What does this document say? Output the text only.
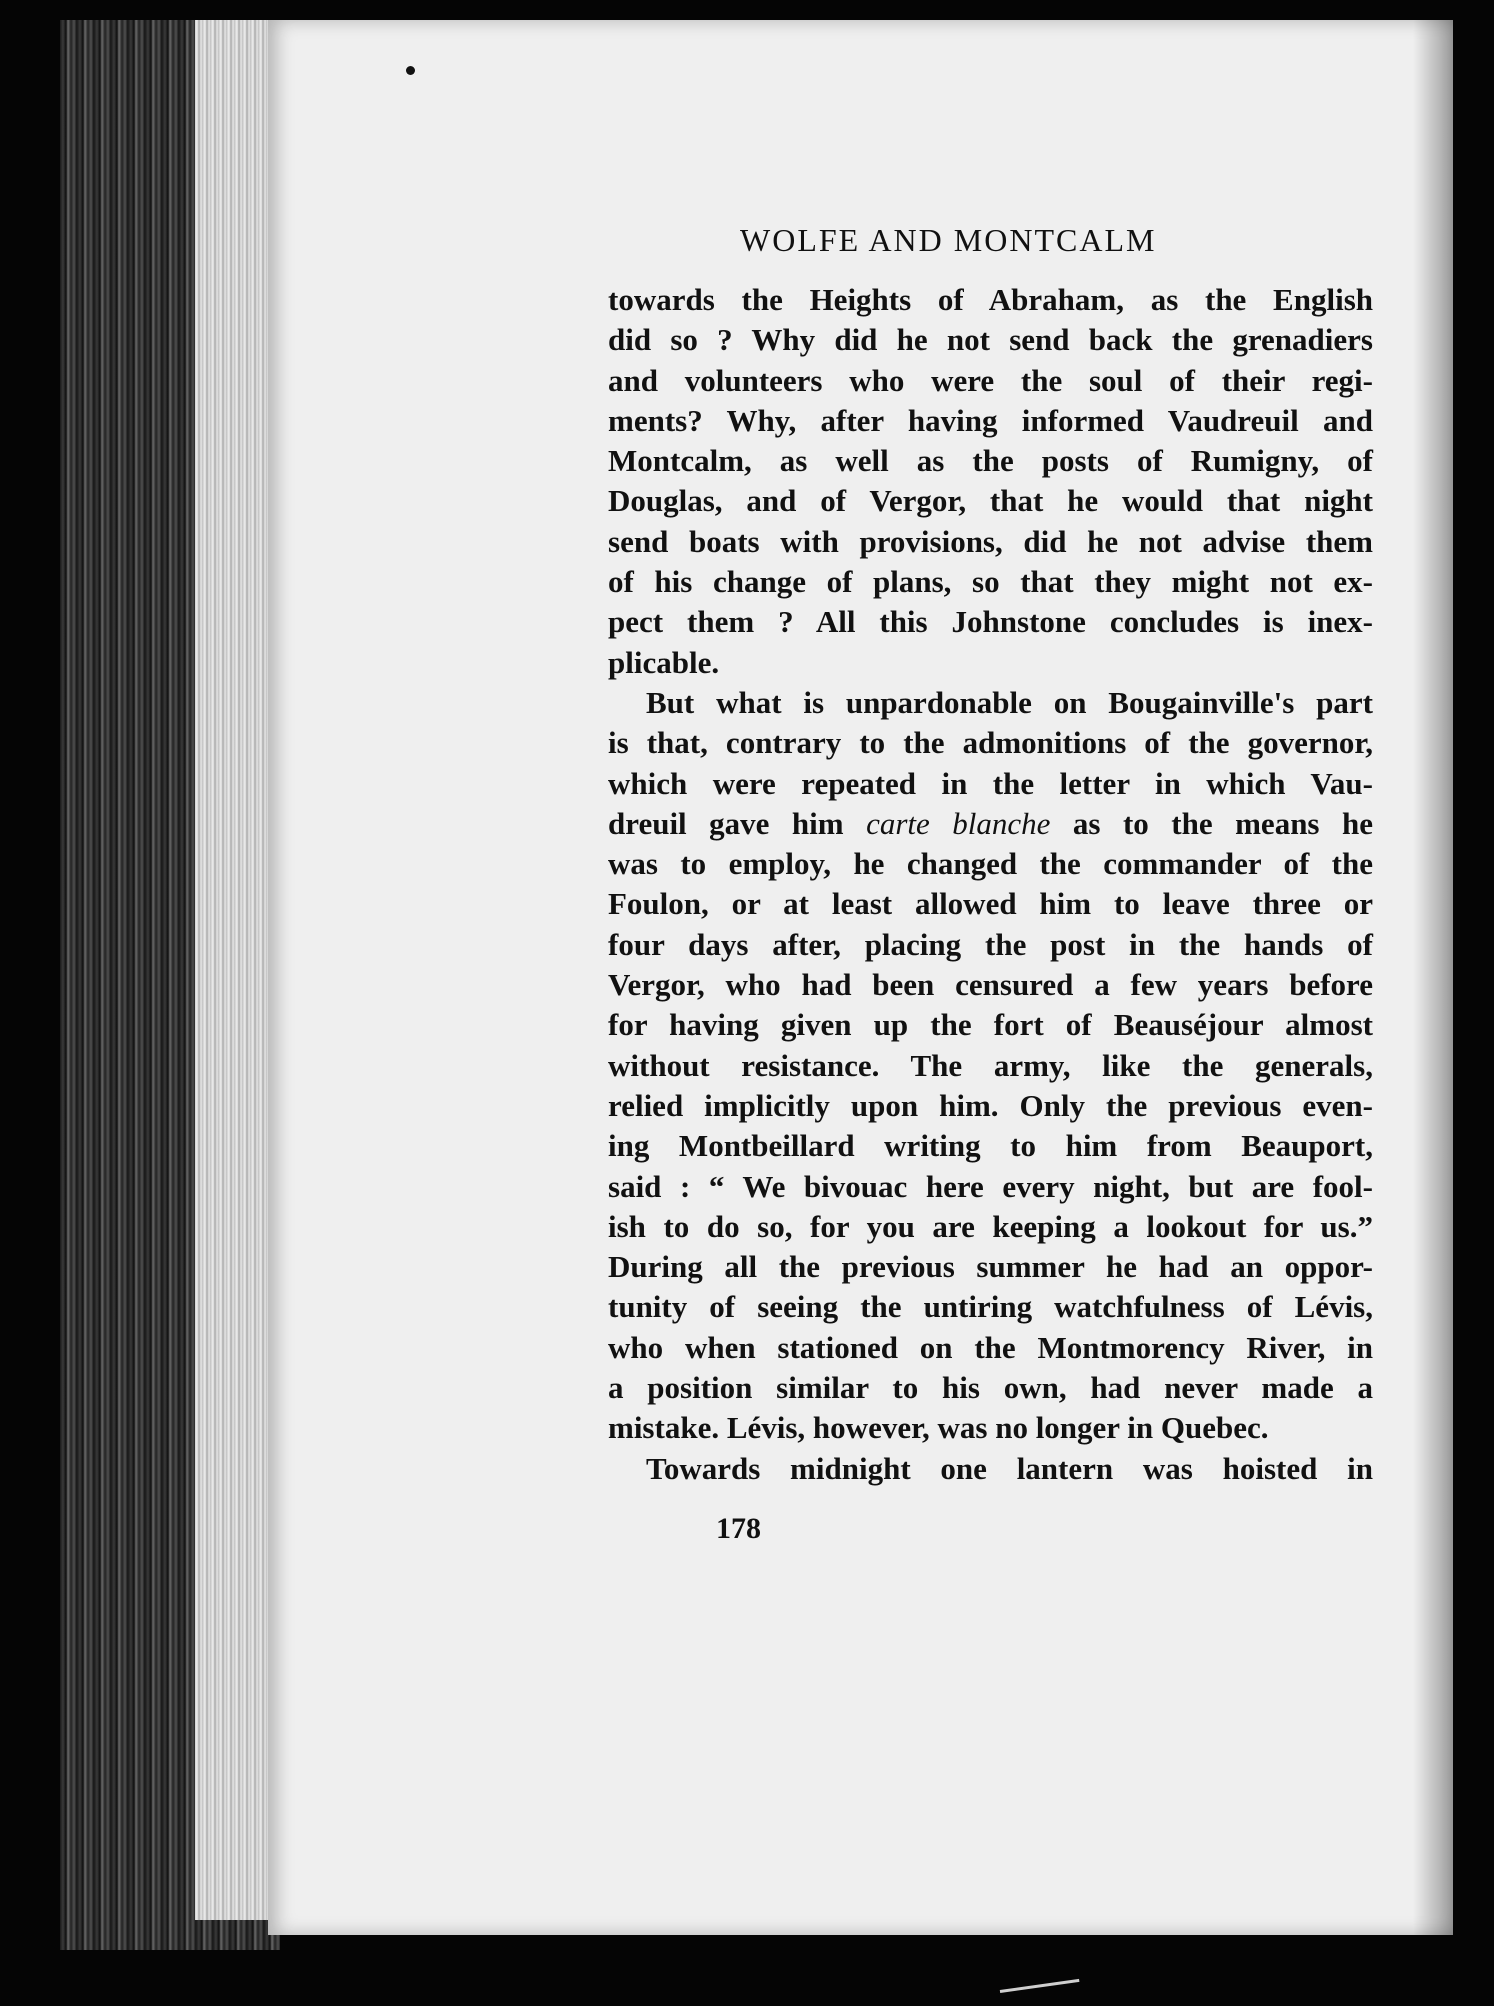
WOLFE AND MONTCALM
towards the Heights of Abraham, as the English
did so ? Why did he not send back the grenadiers
and volunteers who were the soul of their regi-
ments? Why, after having informed Vaudreuil and
Montcalm, as well as the posts of Rumigny, of
Douglas, and of Vergor, that he would that night
send boats with provisions, did he not advise them
of his change of plans, so that they might not ex-
pect them ? All this Johnstone concludes is inex-
plicable.
But what is unpardonable on Bougainville's part
is that, contrary to the admonitions of the governor,
which were repeated in the letter in which Vau-
dreuil gave him carte blanche as to the means he
was to employ, he changed the commander of the
Foulon, or at least allowed him to leave three or
four days after, placing the post in the hands of
Vergor, who had been censured a few years before
for having given up the fort of Beauséjour almost
without resistance. The army, like the generals,
relied implicitly upon him. Only the previous even-
ing Montbeillard writing to him from Beauport,
said : “ We bivouac here every night, but are fool-
ish to do so, for you are keeping a lookout for us.”
During all the previous summer he had an oppor-
tunity of seeing the untiring watchfulness of Lévis,
who when stationed on the Montmorency River, in
a position similar to his own, had never made a
mistake. Lévis, however, was no longer in Quebec.
Towards midnight one lantern was hoisted in
178
